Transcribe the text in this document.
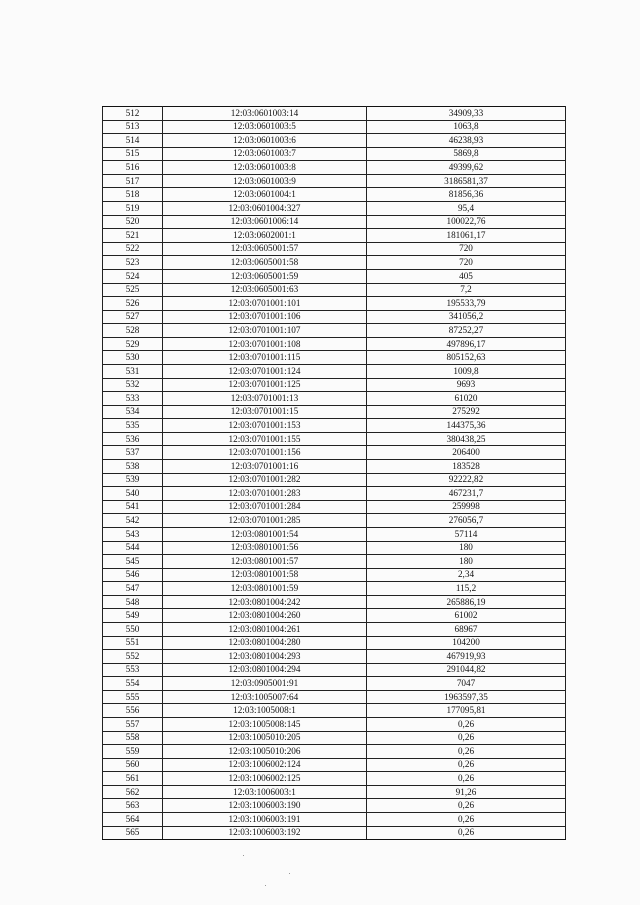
512	12:03:0601003:14	34909,33
513	12:03:0601003:5	1063,8
514	12:03:0601003:6	46238,93
515	12:03:0601003:7	5869,8
516	12:03:0601003:8	49399,62
517	12:03:0601003:9	3186581,37
518	12:03:0601004:1	81856,36
519	12:03:0601004:327	95,4
520	12:03:0601006:14	100022,76
521	12:03:0602001:1	181061,17
522	12:03:0605001:57	720
523	12:03:0605001:58	720
524	12:03:0605001:59	405
525	12:03:0605001:63	7,2
526	12:03:0701001:101	195533,79
527	12:03:0701001:106	341056,2
528	12:03:0701001:107	87252,27
529	12:03:0701001:108	497896,17
530	12:03:0701001:115	805152,63
531	12:03:0701001:124	1009,8
532	12:03:0701001:125	9693
533	12:03:0701001:13	61020
534	12:03:0701001:15	275292
535	12:03:0701001:153	144375,36
536	12:03:0701001:155	380438,25
537	12:03:0701001:156	206400
538	12:03:0701001:16	183528
539	12:03:0701001:282	92222,82
540	12:03:0701001:283	467231,7
541	12:03:0701001:284	259998
542	12:03:0701001:285	276056,7
543	12:03:0801001:54	57114
544	12:03:0801001:56	180
545	12:03:0801001:57	180
546	12:03:0801001:58	2,34
547	12:03:0801001:59	115,2
548	12:03:0801004:242	265886,19
549	12:03:0801004:260	61002
550	12:03:0801004:261	68967
551	12:03:0801004:280	104200
552	12:03:0801004:293	467919,93
553	12:03:0801004:294	291044,82
554	12:03:0905001:91	7047
555	12:03:1005007:64	1963597,35
556	12:03:1005008:1	177095,81
557	12:03:1005008:145	0,26
558	12:03:1005010:205	0,26
559	12:03:1005010:206	0,26
560	12:03:1006002:124	0,26
561	12:03:1006002:125	0,26
562	12:03:1006003:1	91,26
563	12:03:1006003:190	0,26
564	12:03:1006003:191	0,26
565	12:03:1006003:192	0,26
